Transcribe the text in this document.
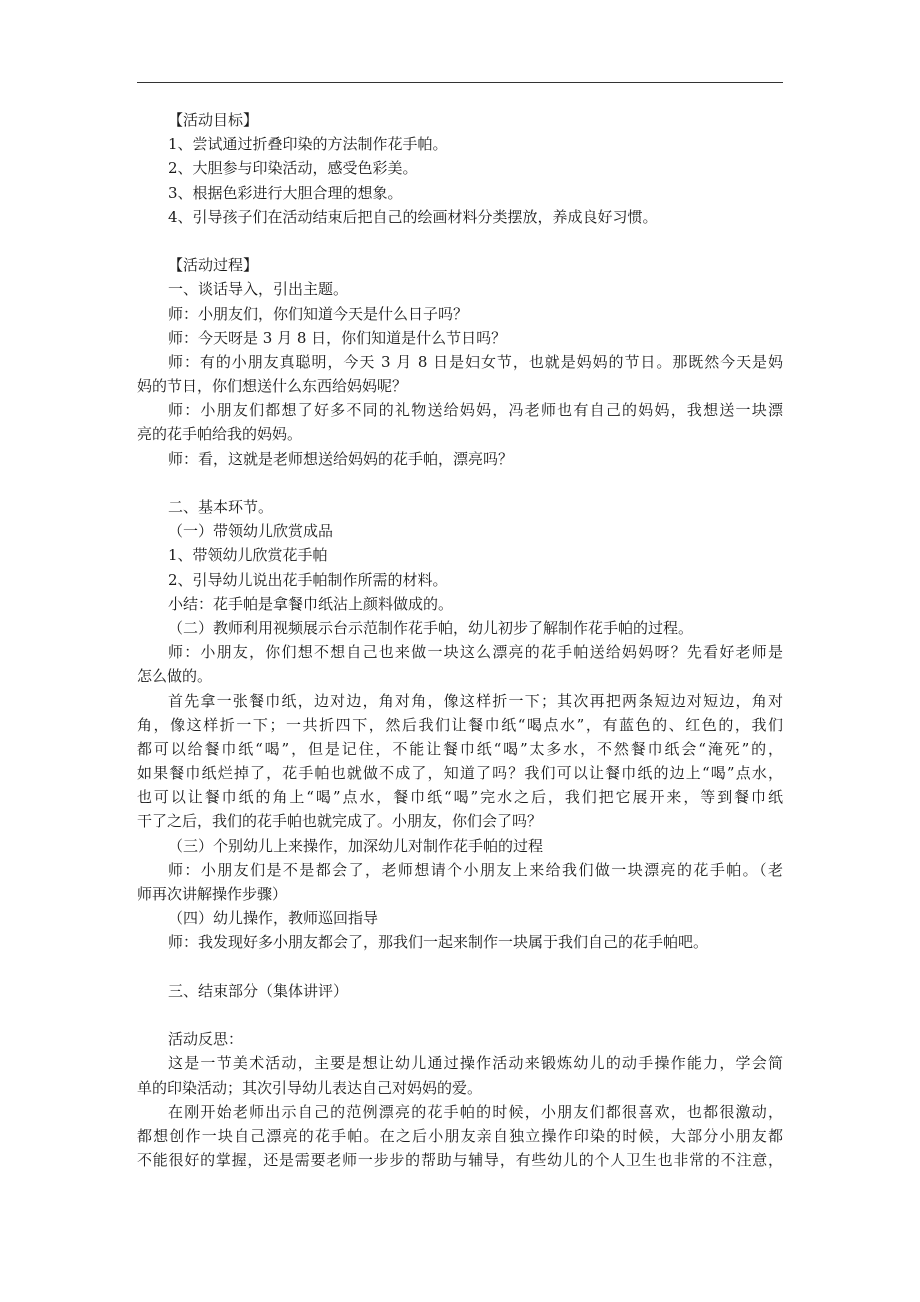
【活动目标】
1、尝试通过折叠印染的方法制作花手帕。
2、大胆参与印染活动，感受色彩美。
3、根据色彩进行大胆合理的想象。
4、引导孩子们在活动结束后把自己的绘画材料分类摆放，养成良好习惯。
【活动过程】
一、谈话导入，引出主题。
师：小朋友们，你们知道今天是什么日子吗？
师：今天呀是 3 月 8 日，你们知道是什么节日吗？
师：有的小朋友真聪明，今天 3 月 8 日是妇女节，也就是妈妈的节日。那既然今天是妈
妈的节日，你们想送什么东西给妈妈呢？
师：小朋友们都想了好多不同的礼物送给妈妈，冯老师也有自己的妈妈，我想送一块漂
亮的花手帕给我的妈妈。
师：看，这就是老师想送给妈妈的花手帕，漂亮吗？
二、基本环节。
（一）带领幼儿欣赏成品
1、带领幼儿欣赏花手帕
2、引导幼儿说出花手帕制作所需的材料。
小结：花手帕是拿餐巾纸沾上颜料做成的。
（二）教师利用视频展示台示范制作花手帕，幼儿初步了解制作花手帕的过程。
师：小朋友，你们想不想自己也来做一块这么漂亮的花手帕送给妈妈呀？先看好老师是
怎么做的。
首先拿一张餐巾纸，边对边，角对角，像这样折一下；其次再把两条短边对短边，角对
角，像这样折一下；一共折四下，然后我们让餐巾纸“喝点水”，有蓝色的、红色的，我们
都可以给餐巾纸“喝”，但是记住，不能让餐巾纸“喝”太多水，不然餐巾纸会“淹死”的，
如果餐巾纸烂掉了，花手帕也就做不成了，知道了吗？我们可以让餐巾纸的边上“喝”点水，
也可以让餐巾纸的角上“喝”点水，餐巾纸“喝”完水之后，我们把它展开来，等到餐巾纸
干了之后，我们的花手帕也就完成了。小朋友，你们会了吗？
（三）个别幼儿上来操作，加深幼儿对制作花手帕的过程
师：小朋友们是不是都会了，老师想请个小朋友上来给我们做一块漂亮的花手帕。（老
师再次讲解操作步骤）
（四）幼儿操作，教师巡回指导
师：我发现好多小朋友都会了，那我们一起来制作一块属于我们自己的花手帕吧。
三、结束部分（集体讲评）
活动反思：
这是一节美术活动，主要是想让幼儿通过操作活动来锻炼幼儿的动手操作能力，学会简
单的印染活动；其次引导幼儿表达自己对妈妈的爱。
在刚开始老师出示自己的范例漂亮的花手帕的时候，小朋友们都很喜欢，也都很激动，
都想创作一块自己漂亮的花手帕。在之后小朋友亲自独立操作印染的时候，大部分小朋友都
不能很好的掌握，还是需要老师一步步的帮助与辅导，有些幼儿的个人卫生也非常的不注意，
